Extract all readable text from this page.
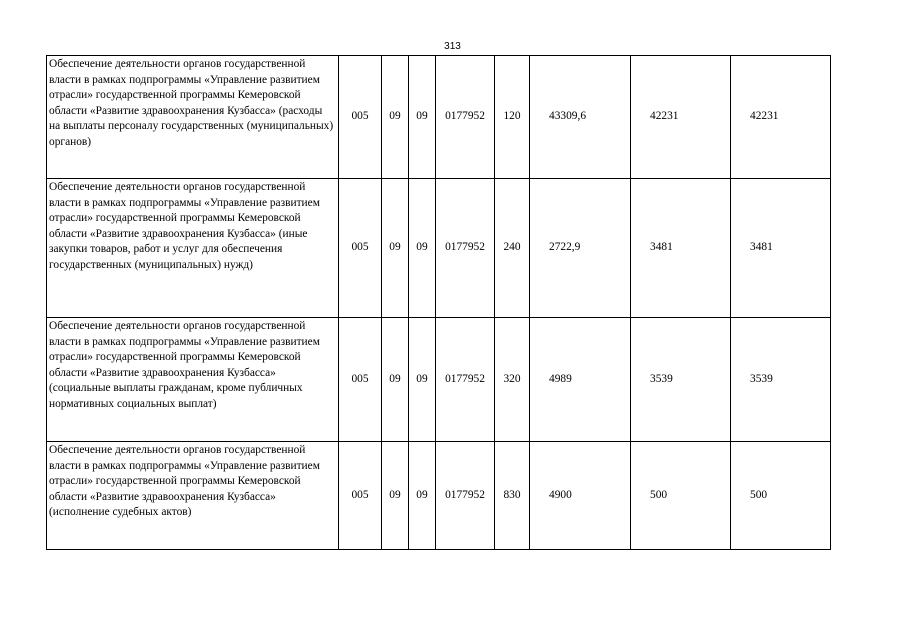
313
Обеспечение деятельности органов государственной власти в рамках подпрограммы «Управление развитием отрасли» государственной программы Кемеровской области «Развитие здравоохранения Кузбасса» (расходы на выплаты персоналу государственных (муниципальных) органов)	005	09	09	0177952	120	43309,6	42231	42231
Обеспечение деятельности органов государственной власти в рамках подпрограммы «Управление развитием отрасли» государственной программы Кемеровской области «Развитие здравоохранения Кузбасса» (иные закупки товаров, работ и услуг для обеспечения государственных (муниципальных) нужд)	005	09	09	0177952	240	2722,9	3481	3481
Обеспечение деятельности органов государственной власти в рамках подпрограммы «Управление развитием отрасли» государственной программы Кемеровской области «Развитие здравоохранения Кузбасса» (социальные выплаты гражданам, кроме публичных нормативных социальных выплат)	005	09	09	0177952	320	4989	3539	3539
Обеспечение деятельности органов государственной власти в рамках подпрограммы «Управление развитием отрасли» государственной программы Кемеровской области «Развитие здравоохранения Кузбасса» (исполнение судебных актов)	005	09	09	0177952	830	4900	500	500
